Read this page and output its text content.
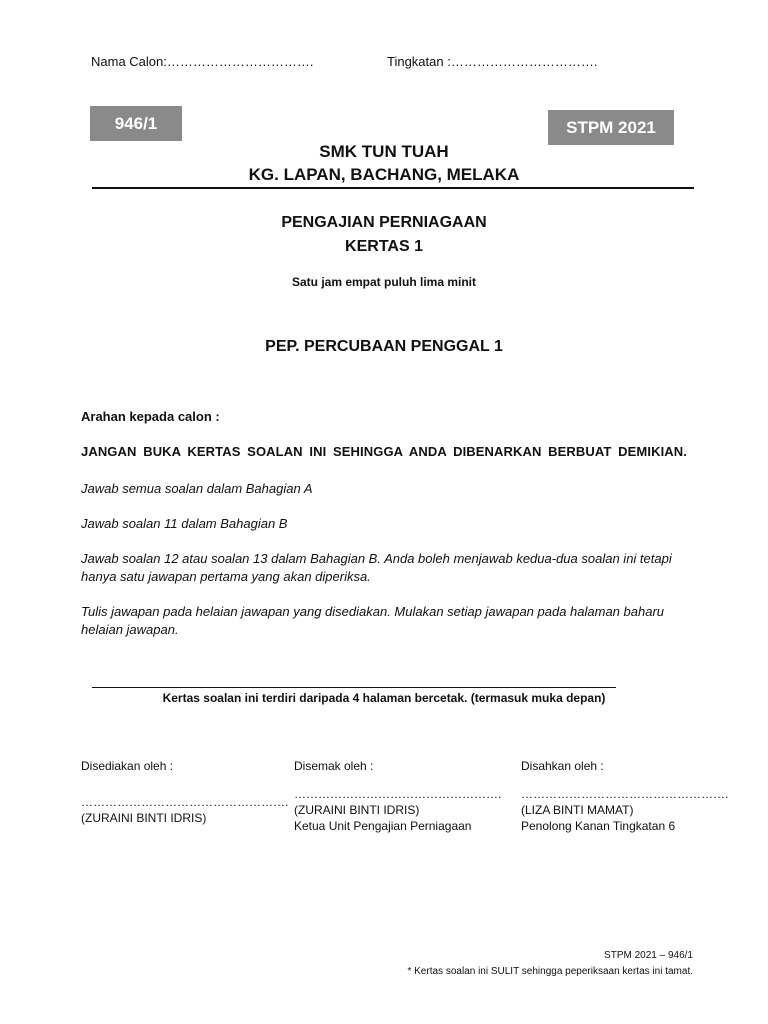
Nama Calon:…………………………….	Tingkatan :…………………………….
946/1	STPM 2021
SMK TUN TUAH
KG. LAPAN, BACHANG, MELAKA
PENGAJIAN PERNIAGAAN
KERTAS 1
Satu jam empat puluh lima minit
PEP. PERCUBAAN PENGGAL 1
Arahan kepada calon :
JANGAN BUKA KERTAS SOALAN INI SEHINGGA ANDA DIBENARKAN BERBUAT DEMIKIAN.
Jawab semua soalan dalam Bahagian A
Jawab soalan 11 dalam Bahagian B
Jawab soalan 12 atau soalan 13 dalam Bahagian B. Anda boleh menjawab kedua-dua soalan ini tetapi hanya satu jawapan pertama yang akan diperiksa.
Tulis jawapan pada helaian jawapan yang disediakan. Mulakan setiap jawapan pada halaman baharu helaian jawapan.
Kertas soalan ini terdiri daripada 4 halaman bercetak. (termasuk muka depan)
Disediakan oleh :
…………………………………………….
(ZURAINI BINTI IDRIS)
Disemak oleh :
…………………………………………….
(ZURAINI BINTI IDRIS)
Ketua Unit Pengajian Perniagaan
Disahkan oleh :
…………………………………………….
(LIZA BINTI MAMAT)
Penolong Kanan Tingkatan 6
STPM 2021 – 946/1
* Kertas soalan ini SULIT sehingga peperiksaan kertas ini tamat.
